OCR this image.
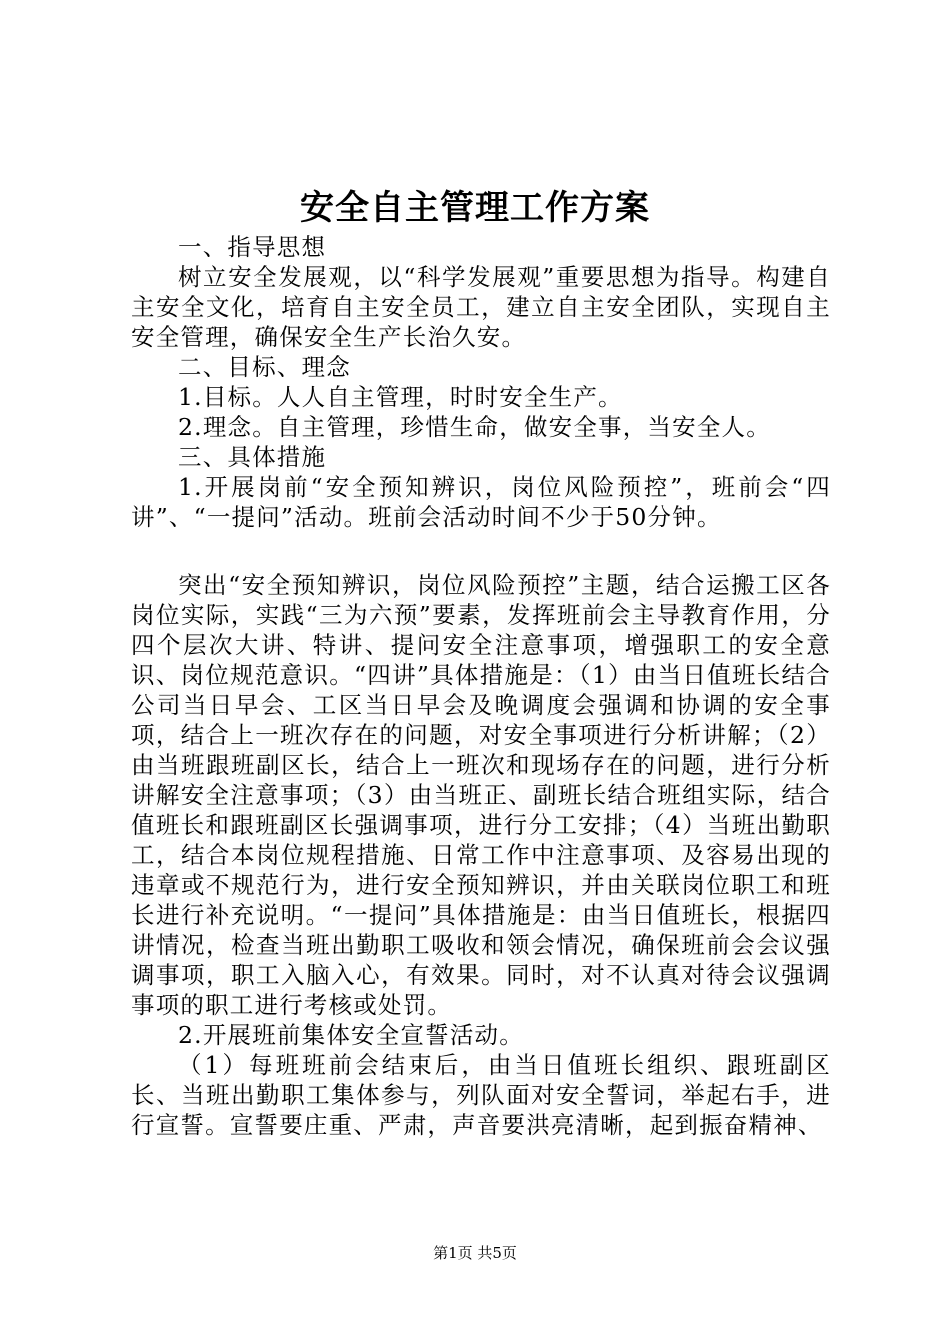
安全自主管理工作方案

一、指导思想

树立安全发展观，以“科学发展观”重要思想为指导。构建自主安全文化，培育自主安全员工，建立自主安全团队，实现自主安全管理，确保安全生产长治久安。

二、目标、理念

1.目标。人人自主管理，时时安全生产。

2.理念。自主管理，珍惜生命，做安全事，当安全人。

三、具体措施

1.开展岗前“安全预知辨识，岗位风险预控”，班前会“四讲”、“一提问”活动。班前会活动时间不少于50分钟。

突出“安全预知辨识，岗位风险预控”主题，结合运搬工区各岗位实际，实践“三为六预”要素，发挥班前会主导教育作用，分四个层次大讲、特讲、提问安全注意事项，增强职工的安全意识、岗位规范意识。“四讲”具体措施是：（1）由当日值班长结合公司当日早会、工区当日早会及晚调度会强调和协调的安全事项，结合上一班次存在的问题，对安全事项进行分析讲解；（2）由当班跟班副区长，结合上一班次和现场存在的问题，进行分析讲解安全注意事项；（3）由当班正、副班长结合班组实际，结合值班长和跟班副区长强调事项，进行分工安排；（4）当班出勤职工，结合本岗位规程措施、日常工作中注意事项、及容易出现的违章或不规范行为，进行安全预知辨识，并由关联岗位职工和班长进行补充说明。“一提问”具体措施是：由当日值班长，根据四讲情况，检查当班出勤职工吸收和领会情况，确保班前会会议强调事项，职工入脑入心，有效果。同时，对不认真对待会议强调事项的职工进行考核或处罚。

2.开展班前集体安全宣誓活动。

（1）每班班前会结束后，由当日值班长组织、跟班副区长、当班出勤职工集体参与，列队面对安全誓词，举起右手，进行宣誓。宣誓要庄重、严肃，声音要洪亮清晰，起到振奋精神、

第1页 共5页
